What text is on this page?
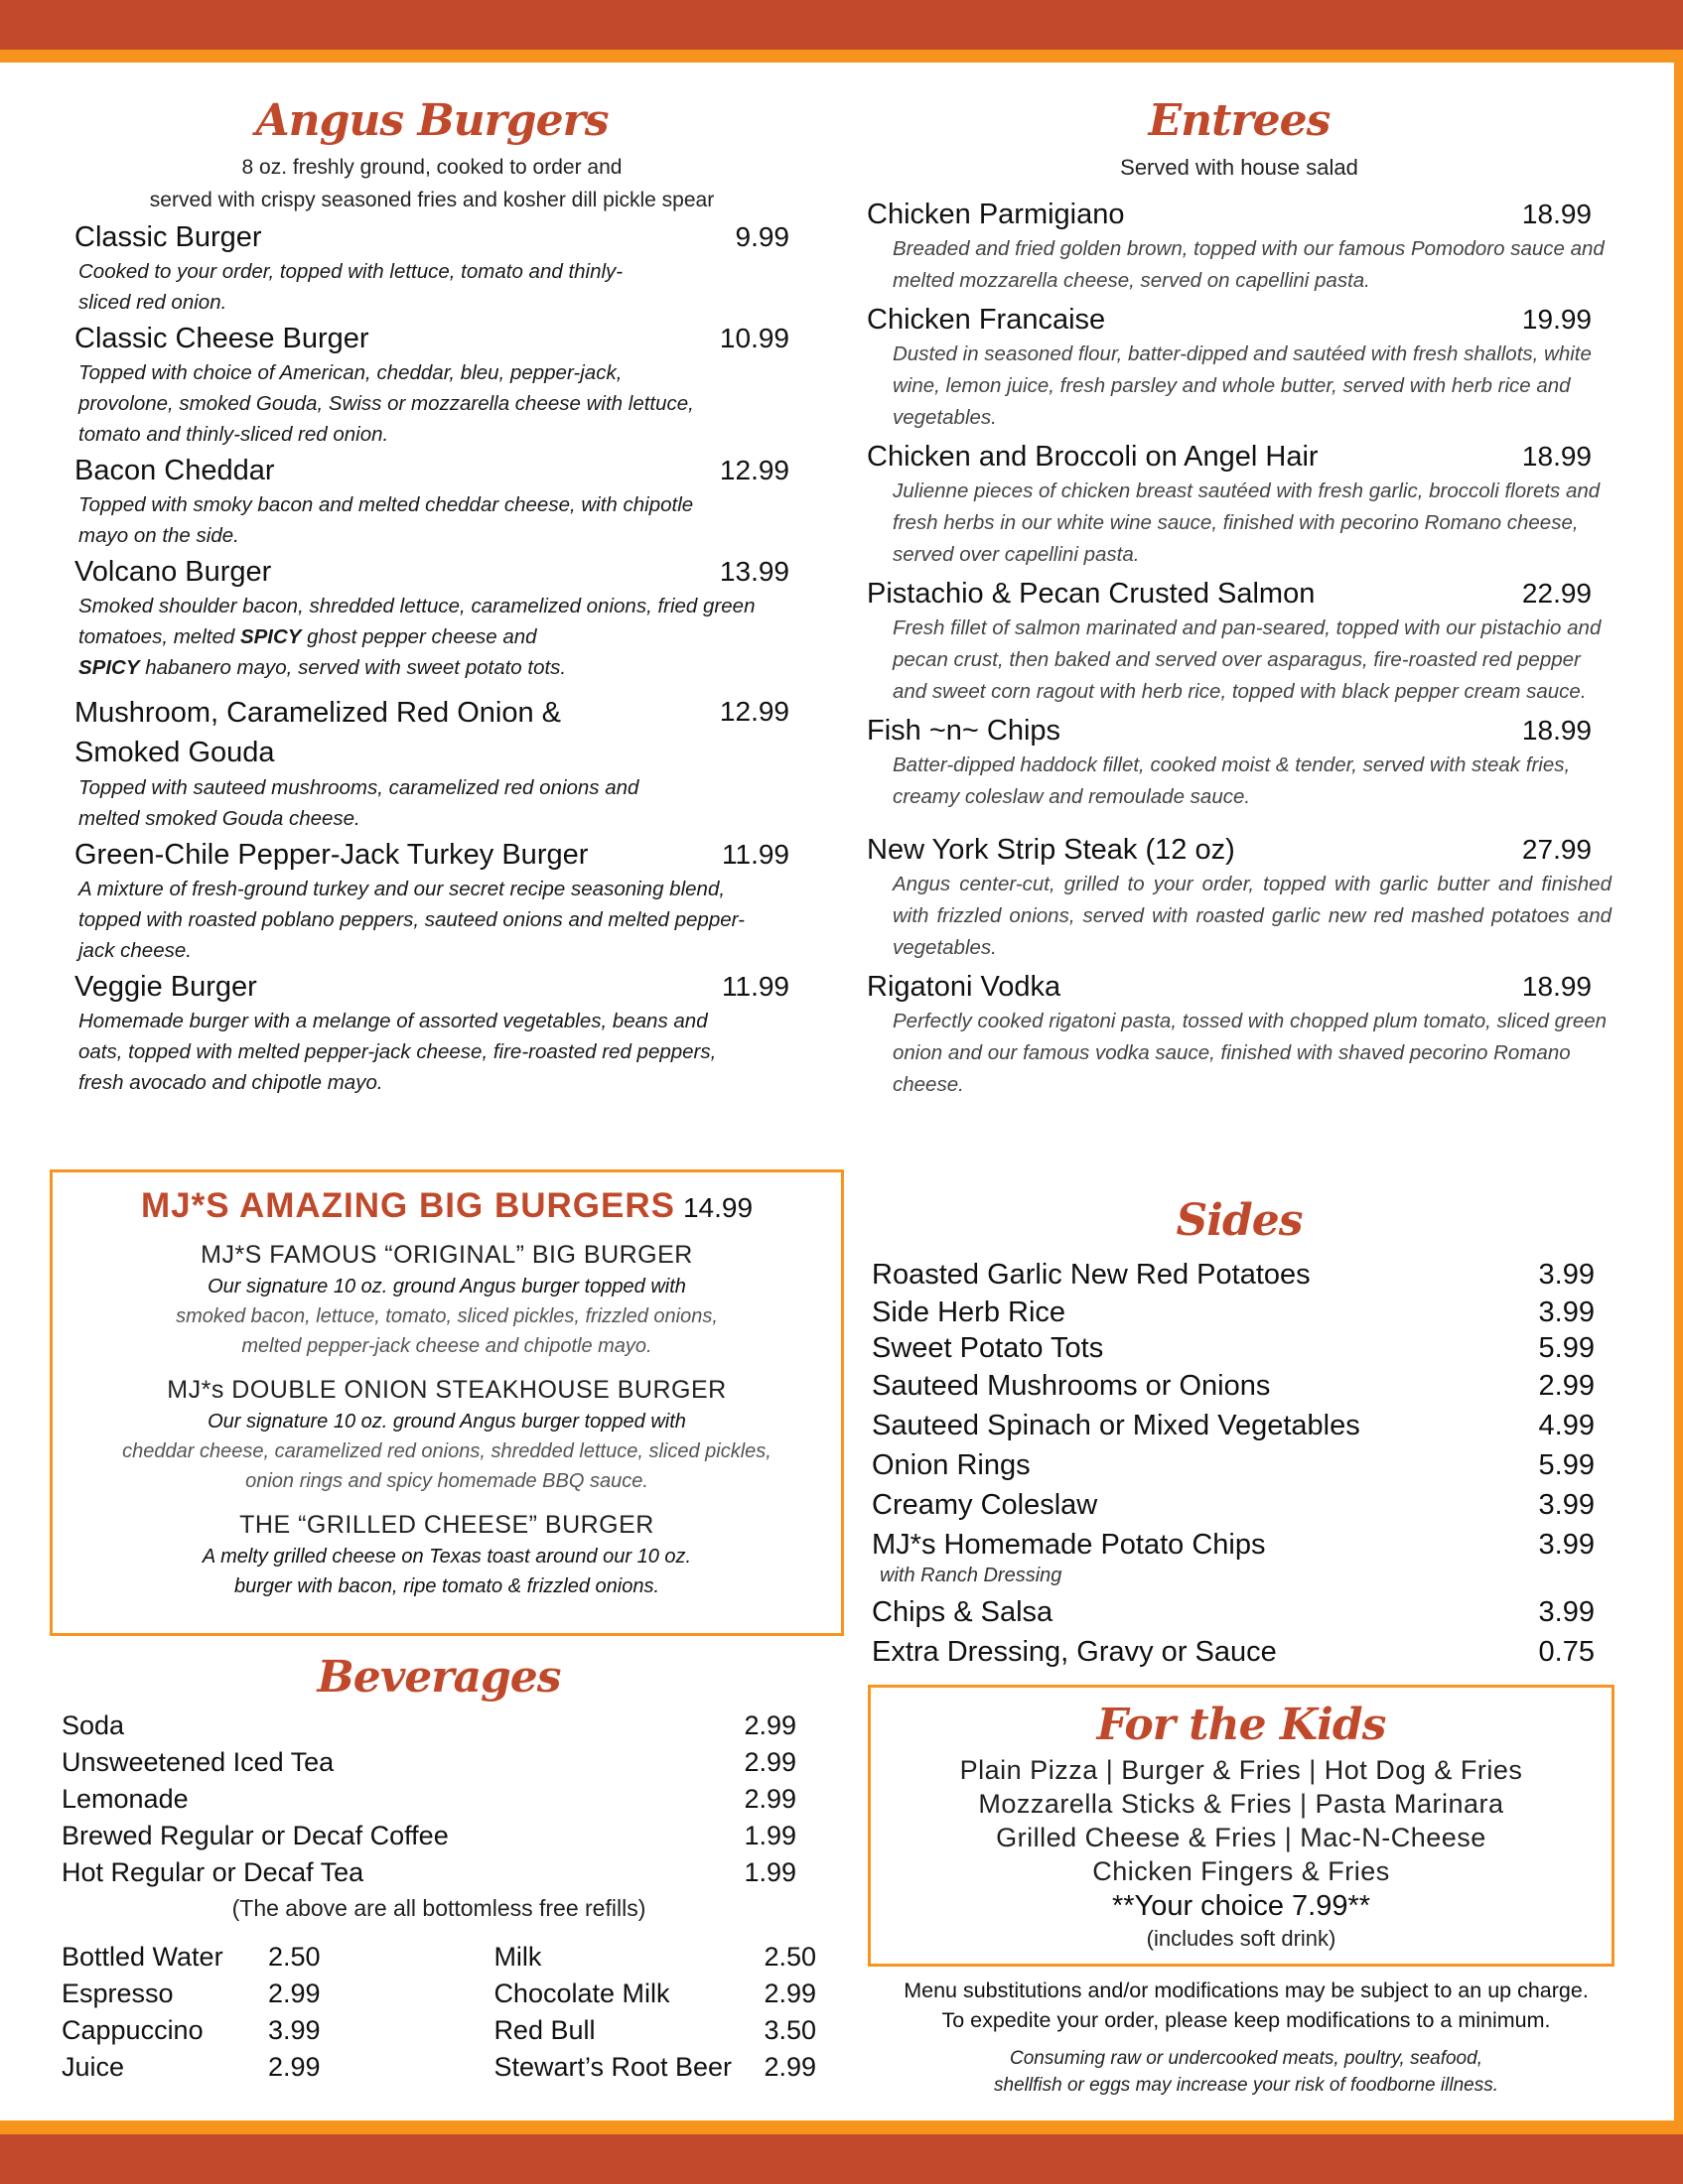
Angus Burgers
8 oz. freshly ground, cooked to order and
served with crispy seasoned fries and kosher dill pickle spear
Classic Burger	9.99
Cooked to your order, topped with lettuce, tomato and thinly-sliced red onion.
Classic Cheese Burger	10.99
Topped with choice of American, cheddar, bleu, pepper-jack, provolone, smoked Gouda, Swiss or mozzarella cheese with lettuce, tomato and thinly-sliced red onion.
Bacon Cheddar	12.99
Topped with smoky bacon and melted cheddar cheese, with chipotle mayo on the side.
Volcano Burger	13.99
Smoked shoulder bacon, shredded lettuce, caramelized onions, fried green tomatoes, melted SPICY ghost pepper cheese and
SPICY habanero mayo, served with sweet potato tots.
Mushroom, Caramelized Red Onion & Smoked Gouda
12.99
Topped with sauteed mushrooms, caramelized red onions and melted smoked Gouda cheese.
Green-Chile Pepper-Jack Turkey Burger	11.99
A mixture of fresh-ground turkey and our secret recipe seasoning blend, topped with roasted poblano peppers, sauteed onions and melted pepper-jack cheese.
Veggie Burger	11.99
Homemade burger with a melange of assorted vegetables, beans and oats, topped with melted pepper-jack cheese, fire-roasted red peppers, fresh avocado and chipotle mayo.
Entrees
Served with house salad
Chicken Parmigiano	18.99
Breaded and fried golden brown, topped with our famous Pomodoro sauce and melted mozzarella cheese, served on capellini pasta.
Chicken Francaise	19.99
Dusted in seasoned flour, batter-dipped and sautéed with fresh shallots, white wine, lemon juice, fresh parsley and whole butter, served with herb rice and vegetables.
Chicken and Broccoli on Angel Hair	18.99
Julienne pieces of chicken breast sautéed with fresh garlic, broccoli florets and fresh herbs in our white wine sauce, finished with pecorino Romano cheese, served over capellini pasta.
Pistachio & Pecan Crusted Salmon	22.99
Fresh fillet of salmon marinated and pan-seared, topped with our pistachio and pecan crust, then baked and served over asparagus, fire-roasted red pepper and sweet corn ragout with herb rice, topped with black pepper cream sauce.
Fish ~n~ Chips	18.99
Batter-dipped haddock fillet, cooked moist & tender, served with steak fries, creamy coleslaw and remoulade sauce.
New York Strip Steak (12 oz)	27.99
Angus center-cut, grilled to your order, topped with garlic butter and finished with frizzled onions, served with roasted garlic new red mashed potatoes and vegetables.
Rigatoni Vodka	18.99
Perfectly cooked rigatoni pasta, tossed with chopped plum tomato, sliced green onion and our famous vodka sauce, finished with shaved pecorino Romano cheese.
MJ*S AMAZING BIG BURGERS 14.99
MJ*S FAMOUS “ORIGINAL” BIG BURGER
Our signature 10 oz. ground Angus burger topped with
smoked bacon, lettuce, tomato, sliced pickles, frizzled onions, melted pepper-jack cheese and chipotle mayo.
MJ*s DOUBLE ONION STEAKHOUSE BURGER
Our signature 10 oz. ground Angus burger topped with
cheddar cheese, caramelized red onions, shredded lettuce, sliced pickles, onion rings and spicy homemade BBQ sauce.
THE “GRILLED CHEESE” BURGER
A melty grilled cheese on Texas toast around our 10 oz.
burger with bacon, ripe tomato & frizzled onions.
Beverages
Soda	2.99
Unsweetened Iced Tea	2.99
Lemonade	2.99
Brewed Regular or Decaf Coffee	1.99
Hot Regular or Decaf Tea	1.99
(The above are all bottomless free refills)
Bottled Water	2.50
Espresso	2.99
Cappuccino	3.99
Juice	2.99
Milk	2.50
Chocolate Milk	2.99
Red Bull	3.50
Stewart’s Root Beer	2.99
Sides
Roasted Garlic New Red Potatoes	3.99
Side Herb Rice	3.99
Sweet Potato Tots	5.99
Sauteed Mushrooms or Onions	2.99
Sauteed Spinach or Mixed Vegetables	4.99
Onion Rings	5.99
Creamy Coleslaw	3.99
MJ*s Homemade Potato Chips	3.99
with Ranch Dressing
Chips & Salsa	3.99
Extra Dressing, Gravy or Sauce	0.75
For the Kids
Plain Pizza | Burger & Fries | Hot Dog & Fries
Mozzarella Sticks & Fries | Pasta Marinara
Grilled Cheese & Fries | Mac-N-Cheese
Chicken Fingers & Fries
**Your choice 7.99**
(includes soft drink)
Menu substitutions and/or modifications may be subject to an up charge.
To expedite your order, please keep modifications to a minimum.
Consuming raw or undercooked meats, poultry, seafood,
shellfish or eggs may increase your risk of foodborne illness.
